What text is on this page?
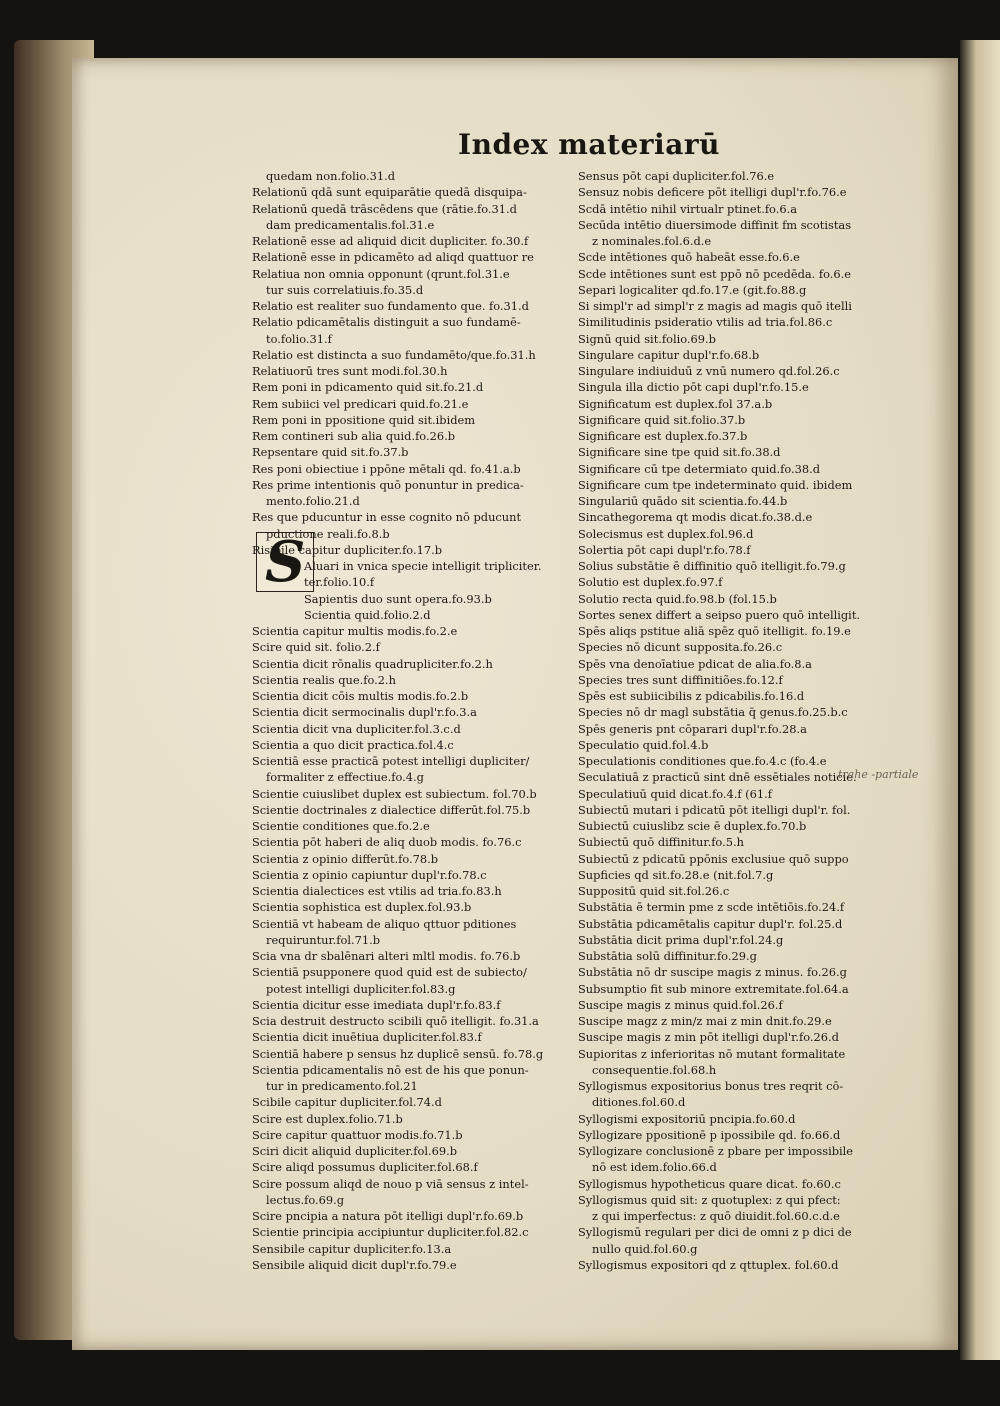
Index materiarū
S
quedam non.folio.31.d
Relationū qdā sunt equiparātie quedā disquipa-
Relationū quedā trāscēdens que (rātie.fo.31.d
dam predicamentalis.fol.31.e
Relationē esse ad aliquid dicit dupliciter. fo.30.f
Relationē esse in pdicamēto ad aliqd quattuor re
Relatiua non omnia opponunt (qrunt.fol.31.e
tur suis correlatiuis.fo.35.d
Relatio est realiter suo fundamento que. fo.31.d
Relatio pdicamētalis distinguit a suo fundamē-
to.folio.31.f
Relatio est distincta a suo fundamēto/que.fo.31.h
Relatiuorū tres sunt modi.fol.30.h
Rem poni in pdicamento quid sit.fo.21.d
Rem subiici vel predicari quid.fo.21.e
Rem poni in ppositione quid sit.ibidem
Rem contineri sub alia quid.fo.26.b
Repsentare quid sit.fo.37.b
Res poni obiectiue i ppōne mētali qd. fo.41.a.b
Res prime intentionis quō ponuntur in predica-
mento.folio.21.d
Res que pducuntur in esse cognito nō pducunt
pductione reali.fo.8.b
Risibile capitur dupliciter.fo.17.b
Aluari in vnica specie intelligit tripliciter.
ter.folio.10.f
Sapientis duo sunt opera.fo.93.b
Scientia quid.folio.2.d
Scientia capitur multis modis.fo.2.e
Scire quid sit. folio.2.f
Scientia dicit rōnalis quadrupliciter.fo.2.h
Scientia realis que.fo.2.h
Scientia dicit cōis multis modis.fo.2.b
Scientia dicit sermocinalis dupl'r.fo.3.a
Scientia dicit vna dupliciter.fol.3.c.d
Scientia a quo dicit practica.fol.4.c
Scientiā esse practicā potest intelligi dupliciter/
formaliter z effectiue.fo.4.g
Scientie cuiuslibet duplex est subiectum. fol.70.b
Scientie doctrinales z dialectice differūt.fol.75.b
Scientie conditiones que.fo.2.e
Scientia pōt haberi de aliq duob modis. fo.76.c
Scientia z opinio differūt.fo.78.b
Scientia z opinio capiuntur dupl'r.fo.78.c
Scientia dialectices est vtilis ad tria.fo.83.h
Scientia sophistica est duplex.fol.93.b
Scientiā vt habeam de aliquo qttuor pditiones
requiruntur.fol.71.b
Scia vna dr sbalēnari alteri mltl modis. fo.76.b
Scientiā psupponere quod quid est de subiecto/
potest intelligi dupliciter.fol.83.g
Scientia dicitur esse imediata dupl'r.fo.83.f
Scia destruit destructo scibili quō itelligit. fo.31.a
Scientia dicit inuētiua dupliciter.fol.83.f
Scientiā habere p sensus hz duplicē sensū. fo.78.g
Scientia pdicamentalis nō est de his que ponun-
tur in predicamento.fol.21
Scibile capitur dupliciter.fol.74.d
Scire est duplex.folio.71.b
Scire capitur quattuor modis.fo.71.b
Sciri dicit aliquid dupliciter.fol.69.b
Scire aliqd possumus dupliciter.fol.68.f
Scire possum aliqd de nouo p viā sensus z intel-
lectus.fo.69.g
Scire pncipia a natura pōt itelligi dupl'r.fo.69.b
Scientie principia accipiuntur dupliciter.fol.82.c
Sensibile capitur dupliciter.fo.13.a
Sensibile aliquid dicit dupl'r.fo.79.e
Sensus pōt capi dupliciter.fol.76.e
Sensuz nobis deficere pōt itelligi dupl'r.fo.76.e
Scdā intētio nihil virtualr ptinet.fo.6.a
Secūda intētio diuersimode diffinit fm scotistas
z nominales.fol.6.d.e
Scde intētiones quō habeāt esse.fo.6.e
Scde intētiones sunt est ppō nō pcedēda. fo.6.e
Separi logicaliter qd.fo.17.e (git.fo.88.g
Si simpl'r ad simpl'r z magis ad magis quō itelli
Similitudinis psideratio vtilis ad tria.fol.86.c
Signū quid sit.folio.69.b
Singulare capitur dupl'r.fo.68.b
Singulare indiuiduū z vnū numero qd.fol.26.c
Singula illa dictio pōt capi dupl'r.fo.15.e
Significatum est duplex.fol 37.a.b
Significare quid sit.folio.37.b
Significare est duplex.fo.37.b
Significare sine tpe quid sit.fo.38.d
Significare cū tpe determiato quid.fo.38.d
Significare cum tpe indeterminato quid. ibidem
Singulariū quādo sit scientia.fo.44.b
Sincathegorema qt modis dicat.fo.38.d.e
Solecismus est duplex.fol.96.d
Solertia pōt capi dupl'r.fo.78.f
Solius substātie ē diffinitio quō itelligit.fo.79.g
Solutio est duplex.fo.97.f
Solutio recta quid.fo.98.b (fol.15.b
Sortes senex differt a seipso puero quō intelligit.
Spēs aliqs pstitue aliā spēz quō itelligit. fo.19.e
Species nō dicunt supposita.fo.26.c
Spēs vna denoīatiue pdicat de alia.fo.8.a
Species tres sunt diffinitiões.fo.12.f
Spēs est subiicibilis z pdicabilis.fo.16.d
Species nō dr magl substātia q̄ genus.fo.25.b.c
Spēs generis pnt cōparari dupl'r.fo.28.a
Speculatio quid.fol.4.b
Speculationis conditiones que.fo.4.c (fo.4.e
Seculatiuā z practicū sint dnē essētiales noticie.
Speculatiuū quid dicat.fo.4.f (61.f
Subiectū mutari i pdicatū pōt itelligi dupl'r. fol.
Subiectū cuiuslibz scie ē duplex.fo.70.b
Subiectū quō diffinitur.fo.5.h
Subiectū z pdicatū ppōnis exclusiue quō suppo
Supficies qd sit.fo.28.e (nit.fol.7.g
Suppositū quid sit.fol.26.c
Substātia ē termin pme z scde intētiōis.fo.24.f
Substātia pdicamētalis capitur dupl'r. fol.25.d
Substātia dicit prima dupl'r.fol.24.g
Substātia solū diffinitur.fo.29.g
Substātia nō dr suscipe magis z minus. fo.26.g
Subsumptio fit sub minore extremitate.fol.64.a
Suscipe magis z minus quid.fol.26.f
Suscipe magz z min/z mai z min dnit.fo.29.e
Suscipe magis z min pōt itelligi dupl'r.fo.26.d
Supioritas z inferioritas nō mutant formalitate
consequentie.fol.68.h
Syllogismus expositorius bonus tres reqrit cō-
ditiones.fol.60.d
Syllogismi expositoriū pncipia.fo.60.d
Syllogizare ppositionē p ipossibile qd. fo.66.d
Syllogizare conclusionē z pbare per impossibile
nō est idem.folio.66.d
Syllogismus hypotheticus quare dicat. fo.60.c
Syllogismus quid sit: z quotuplex: z qui pfect:
z qui imperfectus: z quō diuidit.fol.60.c.d.e
Syllogismū regulari per dici de omni z p dici de
nullo quid.fol.60.g
Syllogismus expositori qd z qttuplex. fol.60.d
trahe -partiale
